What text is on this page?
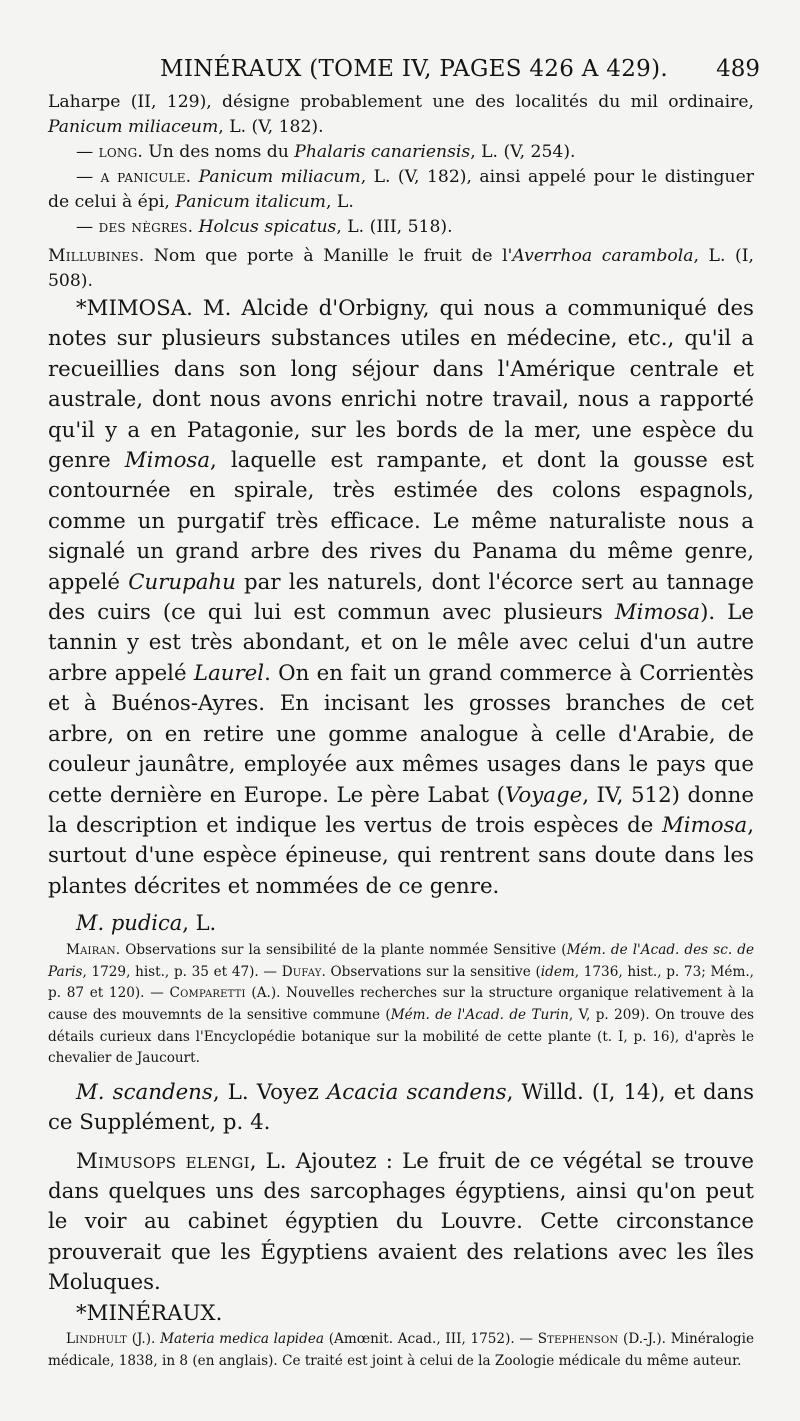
MINÉRAUX (TOME IV, PAGES 426 A 429). 489

Laharpe (II, 129), désigne probablement une des localités du mil ordinaire, Panicum miliaceum, L. (V, 182).

— long. Un des noms du Phalaris canariensis, L. (V, 254).

— a panicule. Panicum miliacum, L. (V, 182), ainsi appelé pour le distinguer de celui à épi, Panicum italicum, L.

— des nègres. Holcus spicatus, L. (III, 518).

Millubines. Nom que porte à Manille le fruit de l'Averrhoa carambola, L. (I, 508).

*MIMOSA. M. Alcide d'Orbigny, qui nous a communiqué des notes sur plusieurs substances utiles en médecine, etc., qu'il a recueillies dans son long séjour dans l'Amérique centrale et australe, dont nous avons enrichi notre travail, nous a rapporté qu'il y a en Patagonie, sur les bords de la mer, une espèce du genre Mimosa, laquelle est rampante, et dont la gousse est contournée en spirale, très estimée des colons espagnols, comme un purgatif très efficace. Le même naturaliste nous a signalé un grand arbre des rives du Panama du même genre, appelé Curupahu par les naturels, dont l'écorce sert au tannage des cuirs (ce qui lui est commun avec plusieurs Mimosa). Le tannin y est très abondant, et on le mêle avec celui d'un autre arbre appelé Laurel. On en fait un grand commerce à Corrientès et à Buénos-Ayres. En incisant les grosses branches de cet arbre, on en retire une gomme analogue à celle d'Arabie, de couleur jaunâtre, employée aux mêmes usages dans le pays que cette dernière en Europe. Le père Labat (Voyage, IV, 512) donne la description et indique les vertus de trois espèces de Mimosa, surtout d'une espèce épineuse, qui rentrent sans doute dans les plantes décrites et nommées de ce genre.

M. pudica, L.

Mairan. Observations sur la sensibilité de la plante nommée Sensitive (Mém. de l'Acad. des sc. de Paris, 1729, hist., p. 35 et 47). — Dufay. Observations sur la sensitive (idem, 1736, hist., p. 73; Mém., p. 87 et 120). — Comparetti (A.). Nouvelles recherches sur la structure organique relativement à la cause des mouvemnts de la sensitive commune (Mém. de l'Acad. de Turin, V, p. 209). On trouve des détails curieux dans l'Encyclopédie botanique sur la mobilité de cette plante (t. I, p. 16), d'après le chevalier de Jaucourt.

M. scandens, L. Voyez Acacia scandens, Willd. (I, 14), et dans ce Supplément, p. 4.

Mimusops elengi, L. Ajoutez : Le fruit de ce végétal se trouve dans quelques uns des sarcophages égyptiens, ainsi qu'on peut le voir au cabinet égyptien du Louvre. Cette circonstance prouverait que les Égyptiens avaient des relations avec les îles Moluques.

*MINÉRAUX.

Lindhult (J.). Materia medica lapidea (Amœnit. Acad., III, 1752). — Stephenson (D.-J.). Minéralogie médicale, 1838, in 8 (en anglais). Ce traité est joint à celui de la Zoologie médicale du même auteur.
